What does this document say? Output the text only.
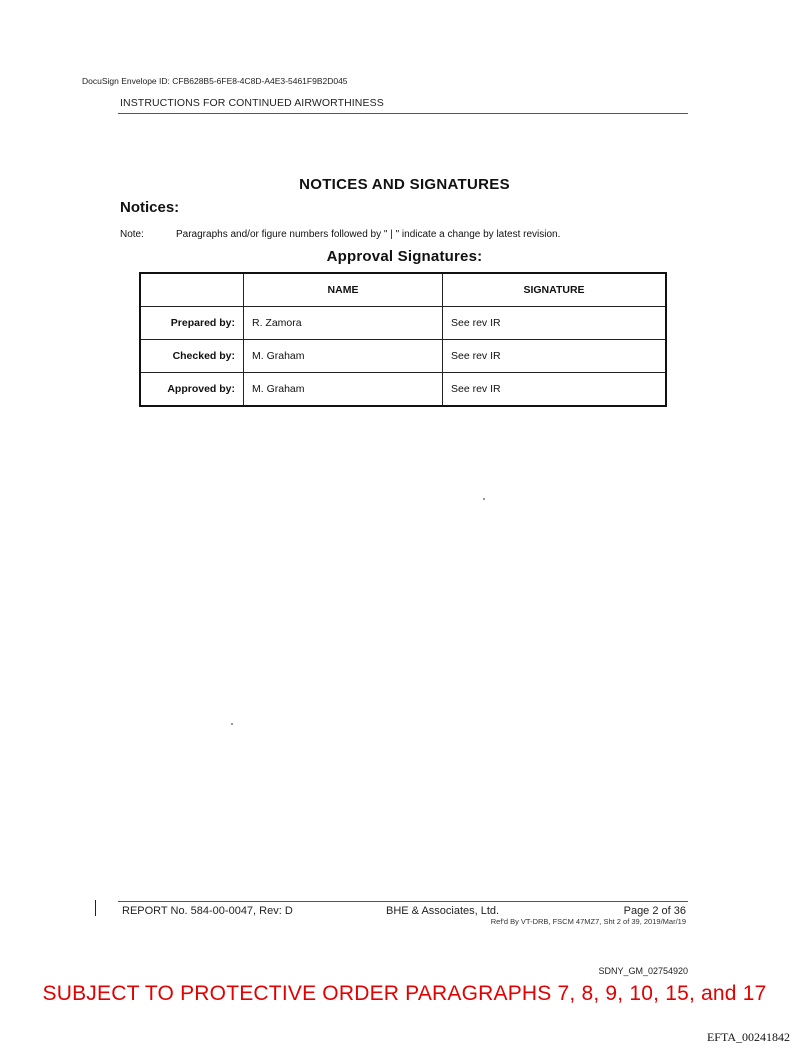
DocuSign Envelope ID: CFB628B5-6FE8-4C8D-A4E3-5461F9B2D045
INSTRUCTIONS FOR CONTINUED AIRWORTHINESS
NOTICES AND SIGNATURES
Notices:
Note:	Paragraphs and/or figure numbers followed by " | " indicate a change by latest revision.
Approval Signatures:
	NAME	SIGNATURE
Prepared by:	R. Zamora	See rev IR
Checked by:	M. Graham	See rev IR
Approved by:	M. Graham	See rev IR
REPORT No. 584-00-0047, Rev: D	BHE & Associates, Ltd.	Page 2 of 36
Ref'd By VT-DRB, FSCM 47MZ7, Sht 2 of 39, 2019/Mar/19
SDNY_GM_02754920
SUBJECT TO PROTECTIVE ORDER PARAGRAPHS 7, 8, 9, 10, 15, and 17
EFTA_00241842
